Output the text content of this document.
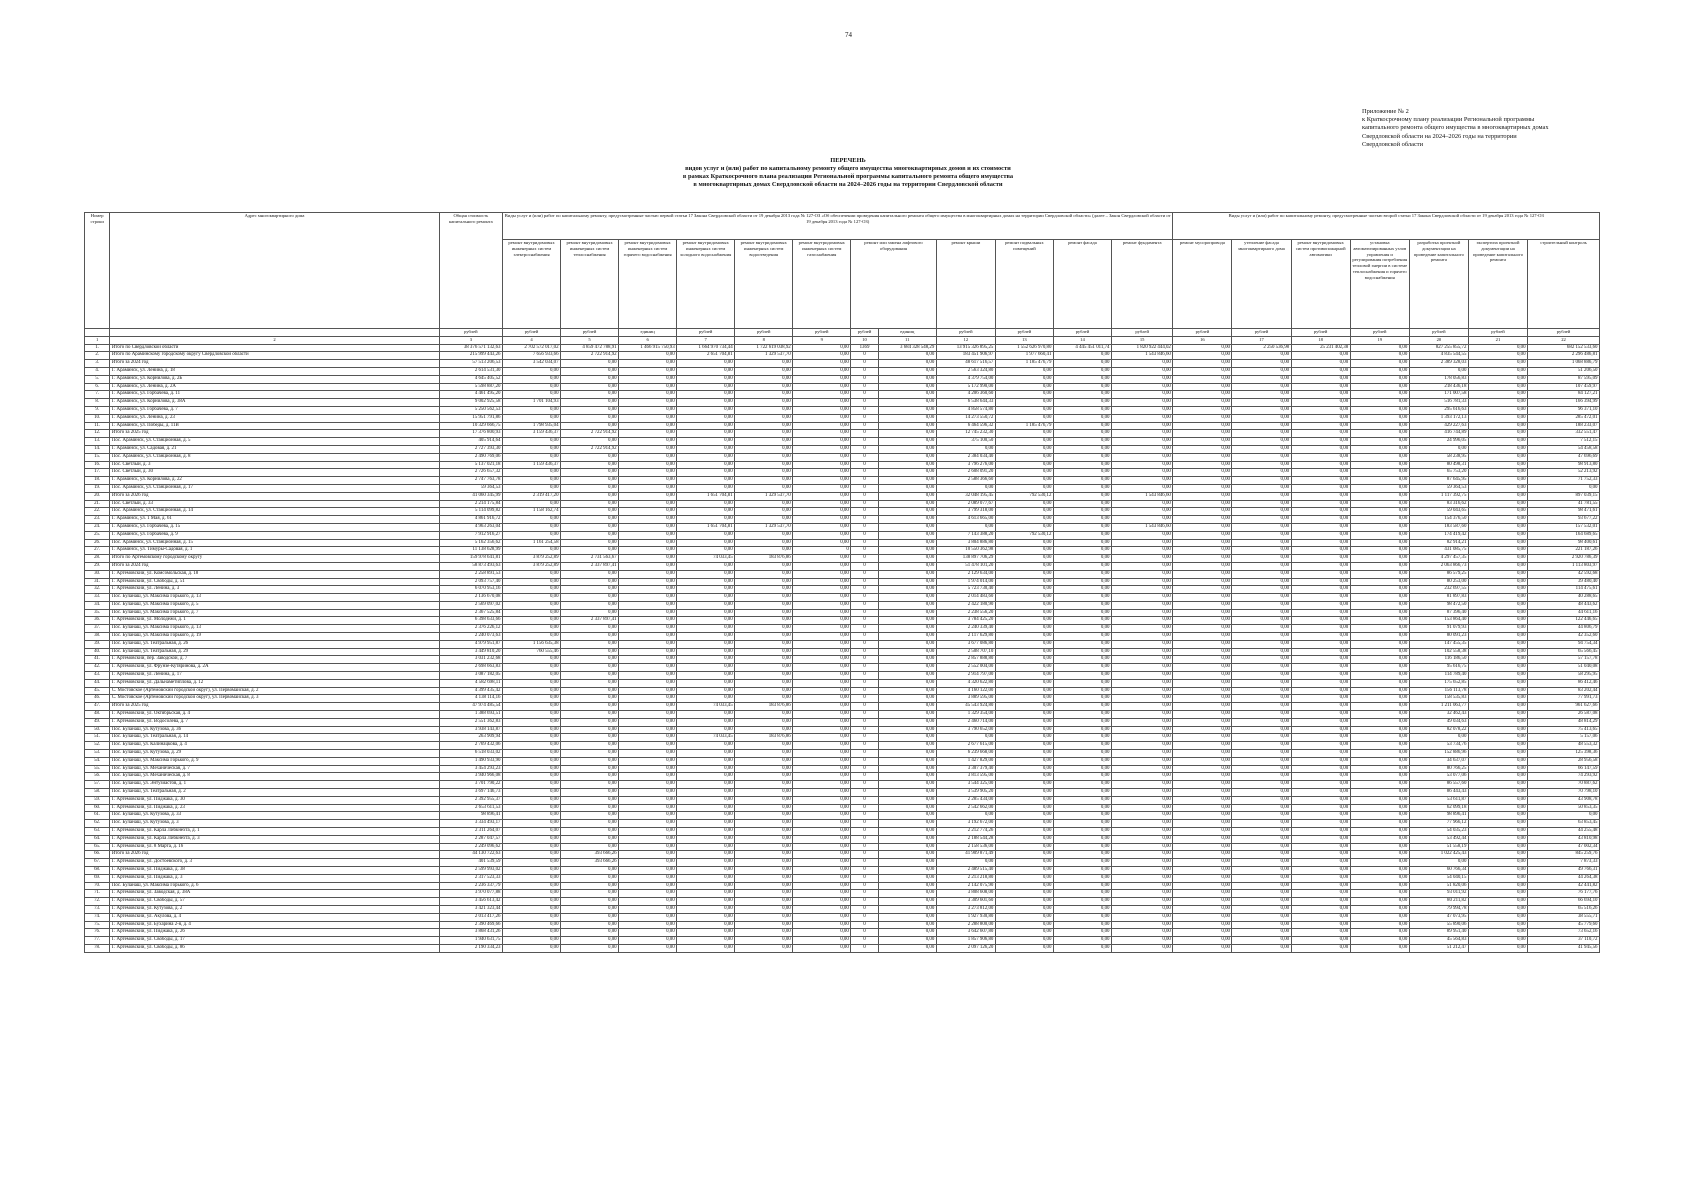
74
Приложение № 2
к Краткосрочному плану реализации Региональной программы
капитального ремонта общего имущества в многоквартирных домах
Свердловской области на 2024–2026 годы на территории
Свердловской области
ПЕРЕЧЕНЬ
видов услуг и (или) работ по капитальному ремонту общего имущества многоквартирных домов и их стоимости
в рамках Краткосрочного плана реализации Региональной программы капитального ремонта общего имущества
в многоквартирных домах Свердловской области на 2024–2026 годы на территории Свердловской области
Номер строки	Адрес многоквартирного дома	Общая стоимость капитального ремонта	Виды услуг и (или) работ по капитальному ремонту, предусмотренные частью первой статьи 17 Закона Свердловской области от 19 декабря 2013 года № 127-ОЗ «Об обеспечении проведения капитального ремонта общего имущества в многоквартирных домах на территории Свердловской области» (далее – Закон Свердловской области от 19 декабря 2013 года № 127-ОЗ)												Виды услуг и (или) работ по капитальному ремонту, предусмотренные частью второй статьи 17 Закона Свердловской области от 19 декабря 2013 года № 127-ОЗ						
			ремонт внутридомовых инженерных систем электроснабжения	ремонт внутридомовых инженерных систем теплоснабжения	ремонт внутридомовых инженерных систем горячего водоснабжения	ремонт внутридомовых инженерных систем холодного водоснабжения	ремонт внутридомовых инженерных систем водоотведения	ремонт внутридомовых инженерных систем газоснабжения	ремонт или замена лифтового оборудования		ремонт крыши	ремонт подвальных помещений	ремонт фасада	ремонт фундамента	ремонт мусоропровода	утепление фасада многоквартирного дома	ремонт внутридомовых систем противопожарной автоматики	установка автоматизированных узлов управления и регулирования потребления тепловой энергии в системе теплоснабжения и горячего водоснабжения	разработка проектной документации на проведение капитального ремонта	экспертиза проектной документации на проведение капитального ремонта	строительный контроль
		рублей	рублей	рублей	единиц	рублей	рублей	рублей	рублей	единиц	рублей	рублей	рублей	рублей	рублей	рублей	рублей	рублей	рублей	рублей	рублей
1	2	3	4	5	6	7	8	9	10	11	12	13	14	15	16	17	18	19	20	21	22
1.	Итого по Свердловской области	38 376 571 132,63	2 702 572 017,02	4 859 472 788,91	1 466 915 750,93	1 664 970 734,44	1 722 619 038,92	0,00	1369	3 684 328 548,29	13 915 326 895,25	1 552 626 970,80	4 445 451 011,74	1 820 922 444,02	0,00	2 250 536,98	25 231 402,38	0,00	827 255 855,72	0,00	682 152 533,60
2.	Итого по Араминскому городскому округу Свердловской области	215 999 443,26	7 656 933,66	2 722 914,92	0,00	2 651 704,81	1 329 537,70	0,00	0	0,00	183 451 906,97	1 977 660,41	0,00	1 543 846,60	0,00	0,00	0,00	0,00	4 835 544,55	0,00	2 296 486,81
3.	Итого за 2024 год	57 513 206,53	3 542 034,07	0,00	0,00	0,00	0,00	0,00	0	0,00	48 617 516,57	1 185 476,79	0,00	0,00	0,00	0,00	0,00	0,00	2 389 328,03	0,00	1 068 886,79
4.	Г. Араминск, ул. Ленина, д. 18	2 614 531,30	0,00	0,00	0,00	0,00	0,00	0,00	0	0,00	2 563 324,80	0,00	0,00	0,00	0,00	0,00	0,00	0,00	0,00	0,00	51 206,50
5.	Г. Араминск, ул. Корнилова, д. 2Б	4 645 405,52	0,00	0,00	0,00	0,00	0,00	0,00	0	0,00	4 379 754,00	0,00	0,00	0,00	0,00	0,00	0,00	0,00	178 056,83	0,00	87 595,09
6.	Г. Араминск, ул. Ленина, д. 2А	5 598 887,20	0,00	0,00	0,00	0,00	0,00	0,00	0	0,00	5 172 990,00	0,00	0,00	0,00	0,00	0,00	0,00	0,00	218 436,18	0,00	107 459,97
7.	Г. Араминск, ул. Горбачева, д. 11	4 461 495,20	0,00	0,00	0,00	0,00	0,00	0,00	0	0,00	4 206 360,60	0,00	0,00	0,00	0,00	0,00	0,00	0,00	171 007,58	0,00	84 127,21
8.	Г. Араминск, ул. Корнилова, д. 38А	9 002 925,58	1 701 104,93	0,00	0,00	0,00	0,00	0,00	0	0,00	6 538 644,33	0,00	0,00	0,00	0,00	0,00	0,00	0,00	516 781,33	0,00	166 394,99
9.	Г. Араминск, ул. Горбачева, д. 7	5 250 562,53	0,00	0,00	0,00	0,00	0,00	0,00	0	0,00	4 858 574,80	0,00	0,00	0,00	0,00	0,00	0,00	0,00	295 616,63	0,00	96 371,10
10.	Г. Араминск, ул. Ленина, д. 23	15 951 791,86	0,00	0,00	0,00	0,00	0,00	0,00	0	0,00	14 273 550,72	0,00	0,00	0,00	0,00	0,00	0,00	0,00	1 393 172,13	0,00	285 472,01
11.	Г. Араминск, ул. Победы, д. 11В	10 329 666,75	1 798 935,04	0,00	0,00	0,00	0,00	0,00	0	0,00	6 464 596,32	1 185 476,79	0,00	0,00	0,00	0,00	0,00	0,00	429 227,63	0,00	188 233,07
12.	Итого за 2025 год	17 376 800,93	3 159 436,37	2 722 914,92	0,00	0,00	0,00	0,00	0	0,00	12 745 232,30	0,00	0,00	0,00	0,00	0,00	0,00	0,00	416 744,89	0,00	332 551,47
13.	Пос. Араминск, ул. Станционная, д. 5	405 914,64	0,00	0,00	0,00	0,00	0,00	0,00	0	0,00	375 100,50	0,00	0,00	0,00	0,00	0,00	0,00	0,00	24 996,05	0,00	7 512,15
14.	Г. Араминск, ул. Садовая, д. 21	2 727 393,30	0,00	2 722 914,92	0,00	0,00	0,00	0,00	0	0,00	0,00	0,00	0,00	0,00	0,00	0,00	0,00	0,00	0,00	0,00	54 458,58
15.	Пос. Араминск, ул. Станционная, д. 8	2 490 769,06	0,00	0,00	0,00	0,00	0,00	0,00	0	0,00	2 384 034,40	0,00	0,00	0,00	0,00	0,00	0,00	0,00	58 238,95	0,00	47 696,69
16.	Пос. Светлый, д. 3	5 137 021,18	1 159 436,37	0,00	0,00	0,00	0,00	0,00	0	0,00	3 796 276,00	0,00	0,00	0,00	0,00	0,00	0,00	0,00	80 498,31	0,00	98 913,80
17.	Пос. Светлый, д. 30	2 726 657,32	0,00	0,00	0,00	0,00	0,00	0,00	0	0,00	2 608 091,20	0,00	0,00	0,00	0,00	0,00	0,00	0,00	65 753,20	0,00	52 213,92
18.	Г. Араминск, ул. Корнилова, д. 22	2 747 763,78	0,00	0,00	0,00	0,00	0,00	0,00	0	0,00	2 588 366,60	0,00	0,00	0,00	0,00	0,00	0,00	0,00	87 645,95	0,00	71 752,33
19.	Пос. Араминск, ул. Станционная, д. 17	59 364,53	0,00	0,00	0,00	0,00	0,00	0,00	0	0,00	0,00	0,00	0,00	0,00	0,00	0,00	0,00	0,00	59 364,53	0,00	0,00
20.	Итого за 2026 год	41 060 345,99	2 319 417,20	0,00	0,00	1 651 704,81	1 329 537,70	0,00	0	0,00	32 048 195,45	792 530,12	0,00	1 543 846,60	0,00	0,00	0,00	0,00	1 117 392,75	0,00	897 039,15
21.	Пос. Светлый, д. 33	2 214 175,84	0,00	0,00	0,00	0,00	0,00	0,00	0	0,00	2 089 077,67	0,00	0,00	0,00	0,00	0,00	0,00	0,00	83 316,62	0,00	41 781,55
22.	Пос. Араминск, ул. Станционная, д. 14	5 114 099,82	1 158 162,74	0,00	0,00	0,00	0,00	0,00	0	0,00	3 799 318,00	0,00	0,00	0,00	0,00	0,00	0,00	0,00	59 043,65	0,00	98 471,61
23.	Г. Араминск, ул. 1 Мая, д. 61	4 861 916,72	0,00	0,00	0,00	0,00	0,00	0,00	0	0,00	4 613 665,00	0,00	0,00	0,00	0,00	0,00	0,00	0,00	154 376,50	0,00	93 677,22
24.	Г. Араминск, ул. Горбачева, д. 15	4 963 263,04	0,00	0,00	0,00	1 651 704,81	1 329 537,70	0,00	0	0,00	0,00	0,00	0,00	1 543 846,60	0,00	0,00	0,00	0,00	183 587,60	0,00	157 532,01
25.	Г. Араминск, ул. Горбачева, д. 9	7 912 916,27	0,00	0,00	0,00	0,00	0,00	0,00	0	0,00	7 143 388,20	792 530,12	0,00	0,00	0,00	0,00	0,00	0,00	174 419,42	0,00	164 689,65
26.	Пос. Араминск, ул. Станционная, д. 15	5 162 356,62	1 161 254,58	0,00	0,00	0,00	0,00	0,00	0	0,00	3 804 886,80	0,00	0,00	0,00	0,00	0,00	0,00	0,00	82 914,21	0,00	98 400,61
27.	Г. Араминск, ул. Тимуры-Садовая, д. 1	11 138 628,99	0,00	0,00	0,00	0,00	0,00	0	0	0,00	10 550 362,98	0,00	0,00	0,00	0,00	0,00	0,00	0,00	431 085,75	0,00	221 187,26
28.	Итого по Артемовскому городскому округу	159 978 641,81	3 879 252,89	2 731 563,67	0,00	74 033,45	183 876,86	0,00	0	0,00	138 897 706,29	0,00	0,00	0,00	0,00	0,00	0,00	0,00	4 297 457,35	0,00	2 920 786,39
29.	Итого за 2024 год	58 873 493,63	3 879 252,89	2 337 897,41	0,00	0,00	0,00	0,00	0	0,00	51 478 101,20	0,00	0,00	0,00	0,00	0,00	0,00	0,00	2 063 866,73	0,00	1 113 803,97
30.	Г. Артемовский, ул. Комсомольская, д. 18	2 258 891,53	0,00	0,00	0,00	0,00	0,00	0,00	0	0,00	2 129 634,00	0,00	0,00	0,00	0,00	0,00	0,00	0,00	86 579,25	0,00	42 592,68
31.	Г. Артемовский, ул. Свободы, д. 51	2 093 757,40	0,00	0,00	0,00	0,00	0,00	0,00	0	0,00	1 974 014,00	0,00	0,00	0,00	0,00	0,00	0,00	0,00	80 253,00	0,00	39 480,40
32.	Г. Артемовский, ул. Ленина, д. 3	6 070 953,16	0,00	0,00	0,00	0,00	0,00	0,00	0	0,00	5 723 730,40	0,00	0,00	0,00	0,00	0,00	0,00	0,00	232 697,55	0,00	114 475,61
33.	Пос. Буланаш, ул. Максима Горького, д. 13	2 136 670,08	0,00	0,00	0,00	0,00	0,00	0,00	0	0,00	2 014 483,60	0,00	0,00	0,00	0,00	0,00	0,00	0,00	81 897,83	0,00	40 288,65
34.	Пос. Буланаш, ул. Максима Горького, д. 5	2 569 097,02	0,00	0,00	0,00	0,00	0,00	0,00	0	0,00	2 422 180,90	0,00	0,00	0,00	0,00	0,00	0,00	0,00	98 472,50	0,00	48 443,62
35.	Пос. Буланаш, ул. Максима Горького, д. 7	2 367 525,84	0,00	0,00	0,00	0,00	0,00	0,00	0	0,00	2 238 556,20	0,00	0,00	0,00	0,00	0,00	0,00	0,00	87 396,40	0,00	44 611,16
36.	Г. Артемовский, ул. Молодежи, д. 1	6 398 633,66	0,00	2 337 897,41	0,00	0,00	0,00	0,00	0	0,00	3 784 425,20	0,00	0,00	0,00	0,00	0,00	0,00	0,00	153 864,40	0,00	122 446,65
37.	Пос. Буланаш, ул. Максима Горького, д. 13	2 376 226,12	0,00	0,00	0,00	0,00	0,00	0,00	0	0,00	2 240 339,40	0,00	0,00	0,00	0,00	0,00	0,00	0,00	91 079,93	0,00	44 806,79
38.	Пос. Буланаш, ул. Максима Горького, д. 19	2 240 073,63	0,00	0,00	0,00	0,00	0,00	0,00	0	0,00	2 117 629,80	0,00	0,00	0,00	0,00	0,00	0,00	0,00	80 091,23	0,00	42 352,60
39.	Пос. Буланаш, ул. Театральная, д. 26	4 979 951,87	1 156 635,38	0,00	0,00	0,00	0,00	0,00	0	0,00	3 677 086,80	0,00	0,00	0,00	0,00	0,00	0,00	0,00	147 455,35	0,00	94 754,34
40.	Пос. Буланаш, ул. Театральная, д. 29	3 449 810,20	760 555,46	0,00	0,00	0,00	0,00	0,00	0	0,00	2 508 707,10	0,00	0,00	0,00	0,00	0,00	0,00	0,00	102 558,38	0,00	65 566,45
41.	Г. Артемовский, пер. Заводской, д. 7	3 031 232,68	0,00	0,00	0,00	0,00	0,00	0,00	0	0,00	2 857 888,80	0,00	0,00	0,00	0,00	0,00	0,00	0,00	116 186,50	0,00	57 157,78
42.	Г. Артемовский, ул. Фрунзе-Кутяринова, д. 2А	2 698 663,83	0,00	0,00	0,00	0,00	0,00	0,00	0	0,00	2 552 004,00	0,00	0,00	0,00	0,00	0,00	0,00	0,00	95 616,75	0,00	51 040,08
43.	Г. Артемовский, ул. Ленина, д. 17	3 087 182,05	0,00	0,00	0,00	0,00	0,00	0,00	0	0,00	2 914 797,00	0,00	0,00	0,00	0,00	0,00	0,00	0,00	114 789,40	0,00	58 295,95
44.	Г. Артемовский, ул. Дальнаметиплова, д. 12	4 582 698,11	0,00	0,00	0,00	0,00	0,00	0,00	0	0,00	4 320 622,80	0,00	0,00	0,00	0,00	0,00	0,00	0,00	175 652,85	0,00	86 412,46
45.	С. Мостовское (Артемовский городской округ), ул. Первомайская, д. 2	4 399 435,42	0,00	0,00	0,00	0,00	0,00	0,00	0	0,00	4 160 122,00	0,00	0,00	0,00	0,00	0,00	0,00	0,00	156 113,78	0,00	83 202,44
46.	С. Мостовское (Артемовский городской округ), ул. Первомайская, д. 3	4 138 114,16	0,00	0,00	0,00	0,00	0,00	0,00	0	0,00	3 889 595,00	0,00	0,00	0,00	0,00	0,00	0,00	0,00	158 535,83	0,00	77 991,73
47.	Итого за 2025 год	47 974 485,54	0,00	0,00	0,00	74 033,45	183 876,86	0,00	0	0,00	45 543 924,80	0,00	0,00	0,00	0,00	0,00	0,00	0,00	1 211 063,77	0,00	961 627,66
48.	Г. Артемовский, ул. Октябрьская, д. 4	1 388 693,51	0,00	0,00	0,00	0,00	0,00	0,00	0	0,00	1 329 354,00	0,00	0,00	0,00	0,00	0,00	0,00	0,00	32 462,43	0,00	26 587,08
49.	Г. Артемовский, ул. Водосолева, д. 7	2 551 362,83	0,00	0,00	0,00	0,00	0,00	0,00	0	0,00	2 460 714,00	0,00	0,00	0,00	0,00	0,00	0,00	0,00	49 034,63	0,00	48 814,29
50.	Пос. Буланаш, ул. Кутузова, д. 36	3 938 143,87	0,00	0,00	0,00	0,00	0,00	0,00	0	0,00	3 790 652,00	0,00	0,00	0,00	0,00	0,00	0,00	0,00	82 078,22	0,00	75 413,65
51.	Пос. Буланаш, ул. Театральная, д. 14	263 909,94	0,00	0,00	0,00	74 033,45	183 876,86	0,00	0	0,00	0,00	0,00	0,00	0,00	0,00	0,00	0,00	0,00	0,00	0,00	5 157,06
52.	Пос. Буланаш, ул. Калинацкова, д. 4	2 769 432,06	0,00	0,00	0,00	0,00	0,00	0,00	0	0,00	2 677 615,00	0,00	0,00	0,00	0,00	0,00	0,00	0,00	53 734,76	0,00	48 553,32
53.	Пос. Буланаш, ул. Кутузова, д. 29	6 518 033,02	0,00	0,00	0,00	0,00	0,00	0,00	0	0,00	6 239 668,00	0,00	0,00	0,00	0,00	0,00	0,00	0,00	152 886,96	0,00	125 398,36
54.	Пос. Буланаш, ул. Максима Горького, д. 9	1 490 933,90	0,00	0,00	0,00	0,00	0,00	0,00	0	0,00	1 427 829,00	0,00	0,00	0,00	0,00	0,00	0,00	0,00	34 637,07	0,00	28 956,58
55.	Пос. Буланаш, ул. Механическая, д. 7	3 454 293,23	0,00	0,00	0,00	0,00	0,00	0,00	0	0,00	3 307 379,40	0,00	0,00	0,00	0,00	0,00	0,00	0,00	80 766,25	0,00	66 147,59
56.	Пос. Буланаш, ул. Механическая, д. 8	3 940 966,08	0,00	0,00	0,00	0,00	0,00	0,00	0	0,00	3 813 595,00	0,00	0,00	0,00	0,00	0,00	0,00	0,00	53 077,06	0,00	74 293,92
57.	Пос. Буланаш, ул. Энтузиастов, д. 1	3 701 790,22	0,00	0,00	0,00	0,00	0,00	0,00	0	0,00	3 544 325,00	0,00	0,00	0,00	0,00	0,00	0,00	0,00	86 557,60	0,00	70 887,62
58.	Пос. Буланаш, ул. Театральная, д. 2	3 697 146,73	0,00	0,00	0,00	0,00	0,00	0,00	0	0,00	3 539 905,20	0,00	0,00	0,00	0,00	0,00	0,00	0,00	86 443,43	0,00	70 798,10
59.	Г. Артемовский, ул. Пиджака, д. 30	2 392 955,37	0,00	0,00	0,00	0,00	0,00	0,00	0	0,00	2 285 434,00	0,00	0,00	0,00	0,00	0,00	0,00	0,00	53 611,87	0,00	43 908,78
60.	Г. Артемовский, ул. Пиджака, д. 23	2 653 611,53	0,00	0,00	0,00	0,00	0,00	0,00	0	0,00	2 542 662,00	0,00	0,00	0,00	0,00	0,00	0,00	0,00	62 099,18	0,00	50 853,35
61.	Пос. Буланаш, ул. Кутузова, д. 33	98 896,41	0,00	0,00	0,00	0,00	0,00	0,00	0	0,00	0,00	0,00	0,00	0,00	0,00	0,00	0,00	0,00	98 896,41	0,00	0,00
62.	Пос. Буланаш, ул. Кутузова, д. 3	3 334 493,17	0,00	0,00	0,00	0,00	0,00	0,00	0	0,00	3 192 672,00	0,00	0,00	0,00	0,00	0,00	0,00	0,00	77 966,12	0,00	63 853,45
63.	Г. Артемовский, ул. Карла Либкнехта, д. 1	2 311 264,07	0,00	0,00	0,00	0,00	0,00	0,00	0	0,00	2 212 774,26	0,00	0,00	0,00	0,00	0,00	0,00	0,00	54 035,23	0,00	44 255,48
64.	Г. Артемовский, ул. Карла Либкнехта, д. 3	2 287 047,57	0,00	0,00	0,00	0,00	0,00	0,00	0	0,00	2 188 544,28	0,00	0,00	0,00	0,00	0,00	0,00	0,00	53 492,44	0,00	43 810,98
65.	Г. Артемовский, ул. 8 Марта, д. 16	2 249 096,62	0,00	0,00	0,00	0,00	0,00	0,00	0	0,00	2 158 536,00	0,00	0,00	0,00	0,00	0,00	0,00	0,00	51 558,19	0,00	47 002,34
66.	Итого за 2026 год	44 130 722,63	0,00	393 666,26	0,00	0,00	0,00	0,00	0	0,00	41 909 871,49	0,00	0,00	0,00	0,00	0,00	0,00	0,00	1 022 425,43	0,00	845 259,76
67.	Г. Артемовский, ул. Достоевского, д. 3	401 539,59	0,00	393 666,26	0,00	0,00	0,00	0,00	0	0,00	0,00	0,00	0,00	0,00	0,00	0,00	0,00	0,00	0,00	0,00	7 873,33
68.	Г. Артемовский, ул. Пиджака, д. 38	2 599 993,02	0,00	0,00	0,00	0,00	0,00	0,00	0	0,00	2 489 515,40	0,00	0,00	0,00	0,00	0,00	0,00	0,00	60 766,34	0,00	49 766,31
69.	Г. Артемовский, ул. Пиджака, д. 3	2 317 523,33	0,00	0,00	0,00	0,00	0,00	0,00	0	0,00	2 213 218,80	0,00	0,00	0,00	0,00	0,00	0,00	0,00	54 040,15	0,00	44 264,38
70.	Пос. Буланаш, ул. Максима Горького, д. 6	2 236 337,79	0,00	0,00	0,00	0,00	0,00	0,00	0	0,00	2 142 075,90	0,00	0,00	0,00	0,00	0,00	0,00	0,00	51 820,06	0,00	42 441,82
71.	Г. Артемовский, ул. Заводская, д. 38А	3 970 077,88	0,00	0,00	0,00	0,00	0,00	0,00	0	0,00	3 808 608,00	0,00	0,00	0,00	0,00	0,00	0,00	0,00	93 011,92	0,00	76 177,76
72.	Г. Артемовский, ул. Свободы, д. 57	3 456 613,42	0,00	0,00	0,00	0,00	0,00	0,00	0	0,00	3 309 601,60	0,00	0,00	0,00	0,00	0,00	0,00	0,00	80 211,82	0,00	66 694,10
73.	Г. Артемовский, ул. Кутузова, д. 2	3 421 323,44	0,00	0,00	0,00	0,00	0,00	0,00	0	0,00	3 273 812,00	0,00	0,00	0,00	0,00	0,00	0,00	0,00	79 994,78	0,00	65 516,26
74.	Г. Артемовский, ул. Акулова, д. 4	2 013 417,26	0,00	0,00	0,00	0,00	0,00	0,00	0	0,00	1 927 930,80	0,00	0,00	0,00	0,00	0,00	0,00	0,00	47 073,95	0,00	38 555,71
75.	Г. Артемовский, ул. Бухарина 2-я, д. 4	2 390 469,66	0,00	0,00	0,00	0,00	0,00	0,00	0	0,00	2 288 800,00	0,00	0,00	0,00	0,00	0,00	0,00	0,00	55 890,06	0,00	45 779,60
76.	Г. Артемовский, ул. Пиджака, д. 26	3 868 431,26	0,00	0,00	0,00	0,00	0,00	0,00	0	0,00	3 642 607,80	0,00	0,00	0,00	0,00	0,00	0,00	0,00	89 951,40	0,00	73 652,16
77.	Г. Артемовский, ул. Свободы, д. 17	1 940 631,75	0,00	0,00	0,00	0,00	0,00	0,00	0	0,00	1 857 906,80	0,00	0,00	0,00	0,00	0,00	0,00	0,00	45 564,83	0,00	37 110,72
78.	Г. Артемовский, ул. Свободы, д. 86	2 190 334,23	0,00	0,00	0,00	0,00	0,00	0,00	0	0,00	2 097 126,20	0,00	0,00	0,00	0,00	0,00	0,00	0,00	51 212,47	0,00	41 945,56
